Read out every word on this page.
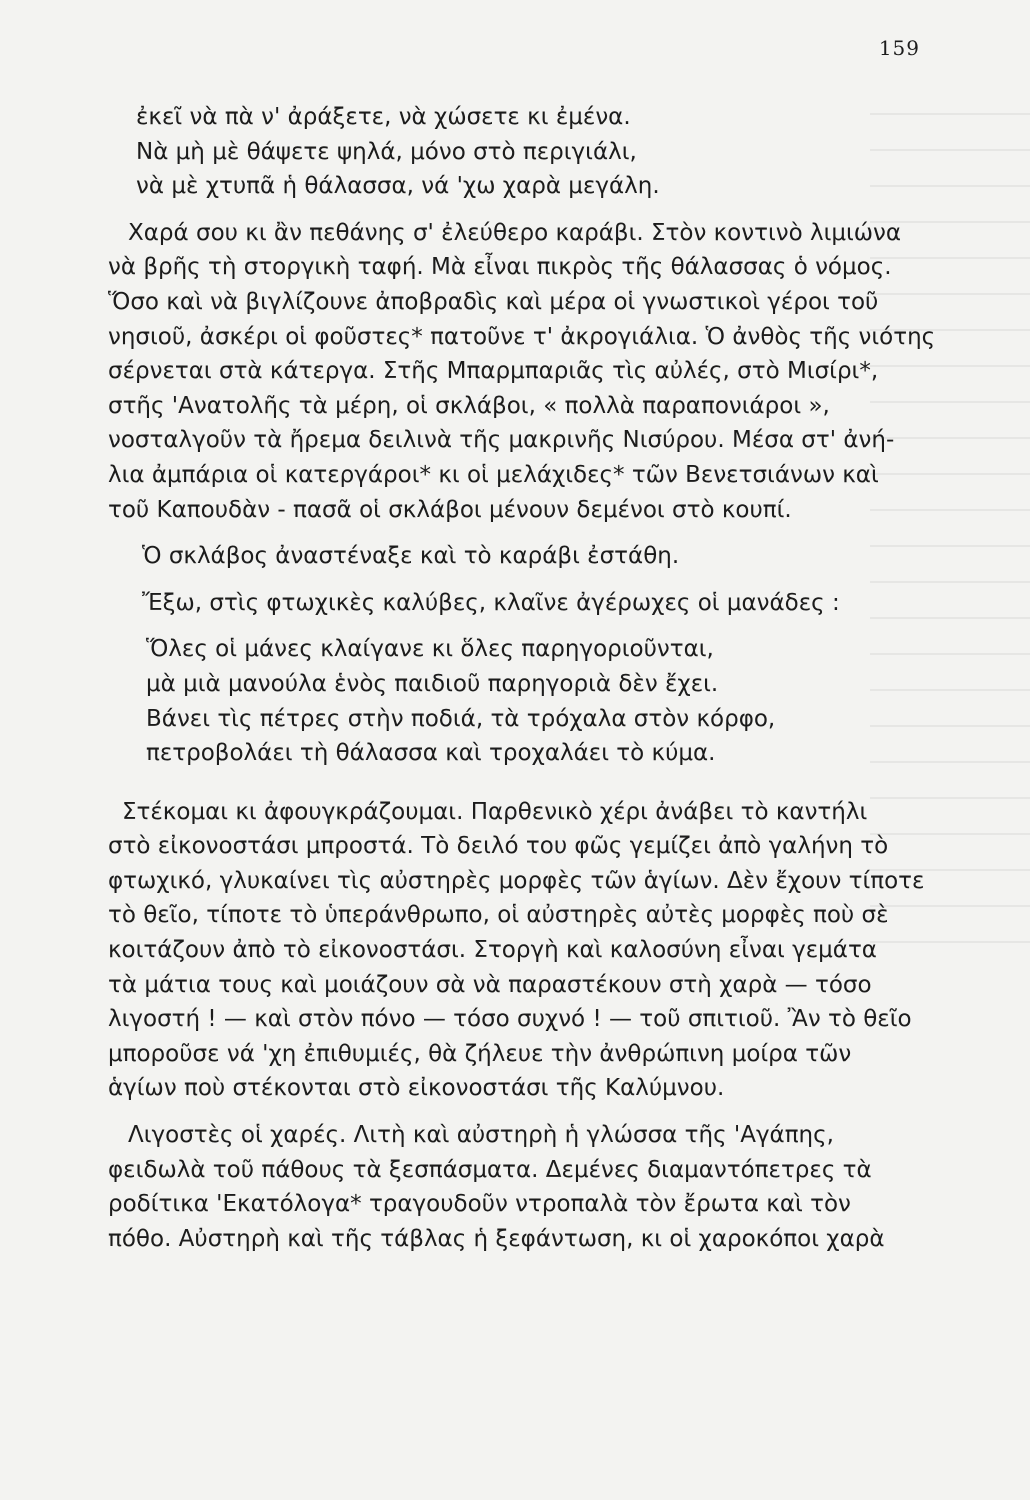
159
ἐκεῖ νὰ πὰ ν' ἀράξετε, νὰ χώσετε κι ἐμένα.
Νὰ μὴ μὲ θάψετε ψηλά, μόνο στὸ περιγιάλι,
νὰ μὲ χτυπᾶ ἡ θάλασσα, νά 'χω χαρὰ μεγάλη.
Χαρά σου κι ἂν πεθάνης σ' ἐλεύθερο καράβι. Στὸν κοντινὸ λιμιώνα
νὰ βρῆς τὴ στοργικὴ ταφή. Μὰ εἶναι πικρὸς τῆς θάλασσας ὁ νόμος.
Ὅσο καὶ νὰ βιγλίζουνε ἀποβραδὶς καὶ μέρα οἱ γνωστικοὶ γέροι τοῦ
νησιοῦ, ἀσκέρι οἱ φοῦστες* πατοῦνε τ' ἀκρογιάλια. Ὁ ἀνθὸς τῆς νιότης
σέρνεται στὰ κάτεργα. Στῆς Μπαρμπαριᾶς τὶς αὐλές, στὸ Μισίρι*,
στῆς 'Ανατολῆς τὰ μέρη, οἱ σκλάβοι, « πολλὰ παραπονιάροι »,
νοσταλγοῦν τὰ ἤρεμα δειλινὰ τῆς μακρινῆς Νισύρου. Μέσα στ' ἀνή-
λια ἀμπάρια οἱ κατεργάροι* κι οἱ μελάχιδες* τῶν Βενετσιάνων καὶ
τοῦ Καπουδὰν - πασᾶ οἱ σκλάβοι μένουν δεμένοι στὸ κουπί.
Ὁ σκλάβος ἀναστέναξε καὶ τὸ καράβι ἐστάθη.
Ἔξω, στὶς φτωχικὲς καλύβες, κλαῖνε ἀγέρωχες οἱ μανάδες :
Ὅλες οἱ μάνες κλαίγανε κι ὅλες παρηγοριοῦνται,
μὰ μιὰ μανούλα ἑνὸς παιδιοῦ παρηγοριὰ δὲν ἔχει.
Βάνει τὶς πέτρες στὴν ποδιά, τὰ τρόχαλα στὸν κόρφο,
πετροβολάει τὴ θάλασσα καὶ τροχαλάει τὸ κύμα.
Στέκομαι κι ἀφουγκράζουμαι. Παρθενικὸ χέρι ἀνάβει τὸ καντήλι
στὸ εἰκονοστάσι μπροστά. Τὸ δειλό του φῶς γεμίζει ἀπὸ γαλήνη τὸ
φτωχικό, γλυκαίνει τὶς αὐστηρὲς μορφὲς τῶν ἁγίων. Δὲν ἔχουν τίποτε
τὸ θεῖο, τίποτε τὸ ὑπεράνθρωπο, οἱ αὐστηρὲς αὐτὲς μορφὲς ποὺ σὲ
κοιτάζουν ἀπὸ τὸ εἰκονοστάσι. Στοργὴ καὶ καλοσύνη εἶναι γεμάτα
τὰ μάτια τους καὶ μοιάζουν σὰ νὰ παραστέκουν στὴ χαρὰ — τόσο
λιγοστή ! — καὶ στὸν πόνο — τόσο συχνό ! — τοῦ σπιτιοῦ. Ἂν τὸ θεῖο
μποροῦσε νά 'χη ἐπιθυμιές, θὰ ζήλευε τὴν ἀνθρώπινη μοίρα τῶν
ἁγίων ποὺ στέκονται στὸ εἰκονοστάσι τῆς Καλύμνου.
Λιγοστὲς οἱ χαρές. Λιτὴ καὶ αὐστηρὴ ἡ γλώσσα τῆς 'Αγάπης,
φειδωλὰ τοῦ πάθους τὰ ξεσπάσματα. Δεμένες διαμαντόπετρες τὰ
ροδίτικα 'Εκατόλογα* τραγουδοῦν ντροπαλὰ τὸν ἔρωτα καὶ τὸν
πόθο. Αὐστηρὴ καὶ τῆς τάβλας ἡ ξεφάντωση, κι οἱ χαροκόποι χαρὰ
